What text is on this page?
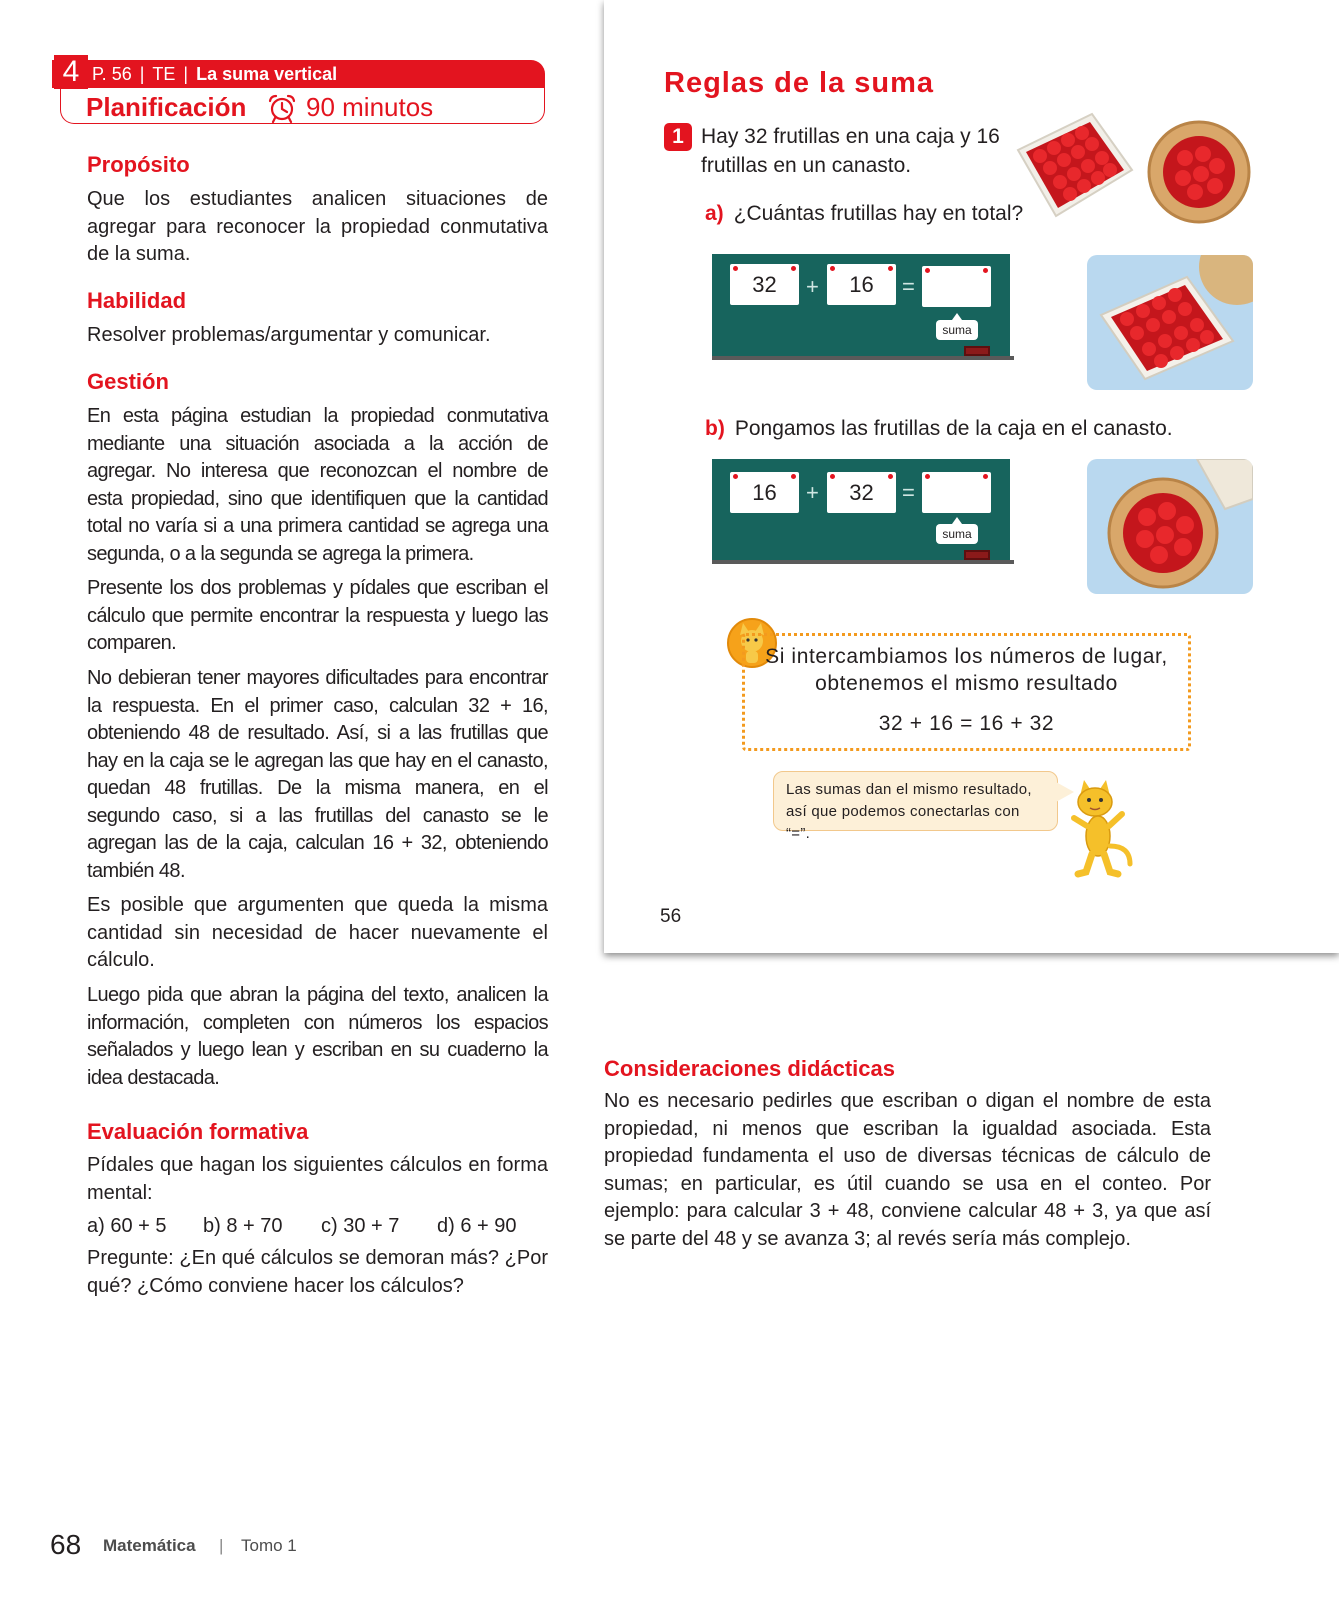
4 P. 56 | TE | La suma vertical
Planificación 90 minutos
Propósito
Que los estudiantes analicen situaciones de agregar para reconocer la propiedad conmutativa de la suma.
Habilidad
Resolver problemas/argumentar y comunicar.
Gestión
En esta página estudian la propiedad conmutativa mediante una situación asociada a la acción de agregar. No interesa que reconozcan el nombre de esta propiedad, sino que identifiquen que la cantidad total no varía si a una primera cantidad se agrega una segunda, o a la segunda se agrega la primera.
Presente los dos problemas y pídales que escriban el cálculo que permite encontrar la respuesta y luego las comparen.
No debieran tener mayores dificultades para encontrar la respuesta. En el primer caso, calculan 32 + 16, obteniendo 48 de resultado. Así, si a las frutillas que hay en la caja se le agregan las que hay en el canasto, quedan 48 frutillas. De la misma manera, en el segundo caso, si a las frutillas del canasto se le agregan las de la caja, calculan 16 + 32, obteniendo también 48.
Es posible que argumenten que queda la misma cantidad sin necesidad de hacer nuevamente el cálculo.
Luego pida que abran la página del texto, analicen la información, completen con números los espacios señalados y luego lean y escriban en su cuaderno la idea destacada.
Evaluación formativa
Pídales que hagan los siguientes cálculos en forma mental:
a) 60 + 5 b) 8 + 70 c) 30 + 7 d) 6 + 90
Pregunte: ¿En qué cálculos se demoran más? ¿Por qué? ¿Cómo conviene hacer los cálculos?
Reglas de la suma
1 Hay 32 frutillas en una caja y 16 frutillas en un canasto.
a) ¿Cuántas frutillas hay en total?
32	+	16	=
suma
b) Pongamos las frutillas de la caja en el canasto.
16	+	32	=
suma
Si intercambiamos los números de lugar,
obtenemos el mismo resultado
32 + 16 = 16 + 32
Las sumas dan el mismo resultado,
así que podemos conectarlas con “=”.
56
Consideraciones didácticas
No es necesario pedirles que escriban o digan el nombre de esta propiedad, ni menos que escriban la igualdad asociada. Esta propiedad fundamenta el uso de diversas técnicas de cálculo de sumas; en particular, es útil cuando se usa en el conteo. Por ejemplo: para calcular 3 + 48, conviene calcular 48 + 3, ya que así se parte del 48 y se avanza 3; al revés sería más complejo.
68 Matemática | Tomo 1
